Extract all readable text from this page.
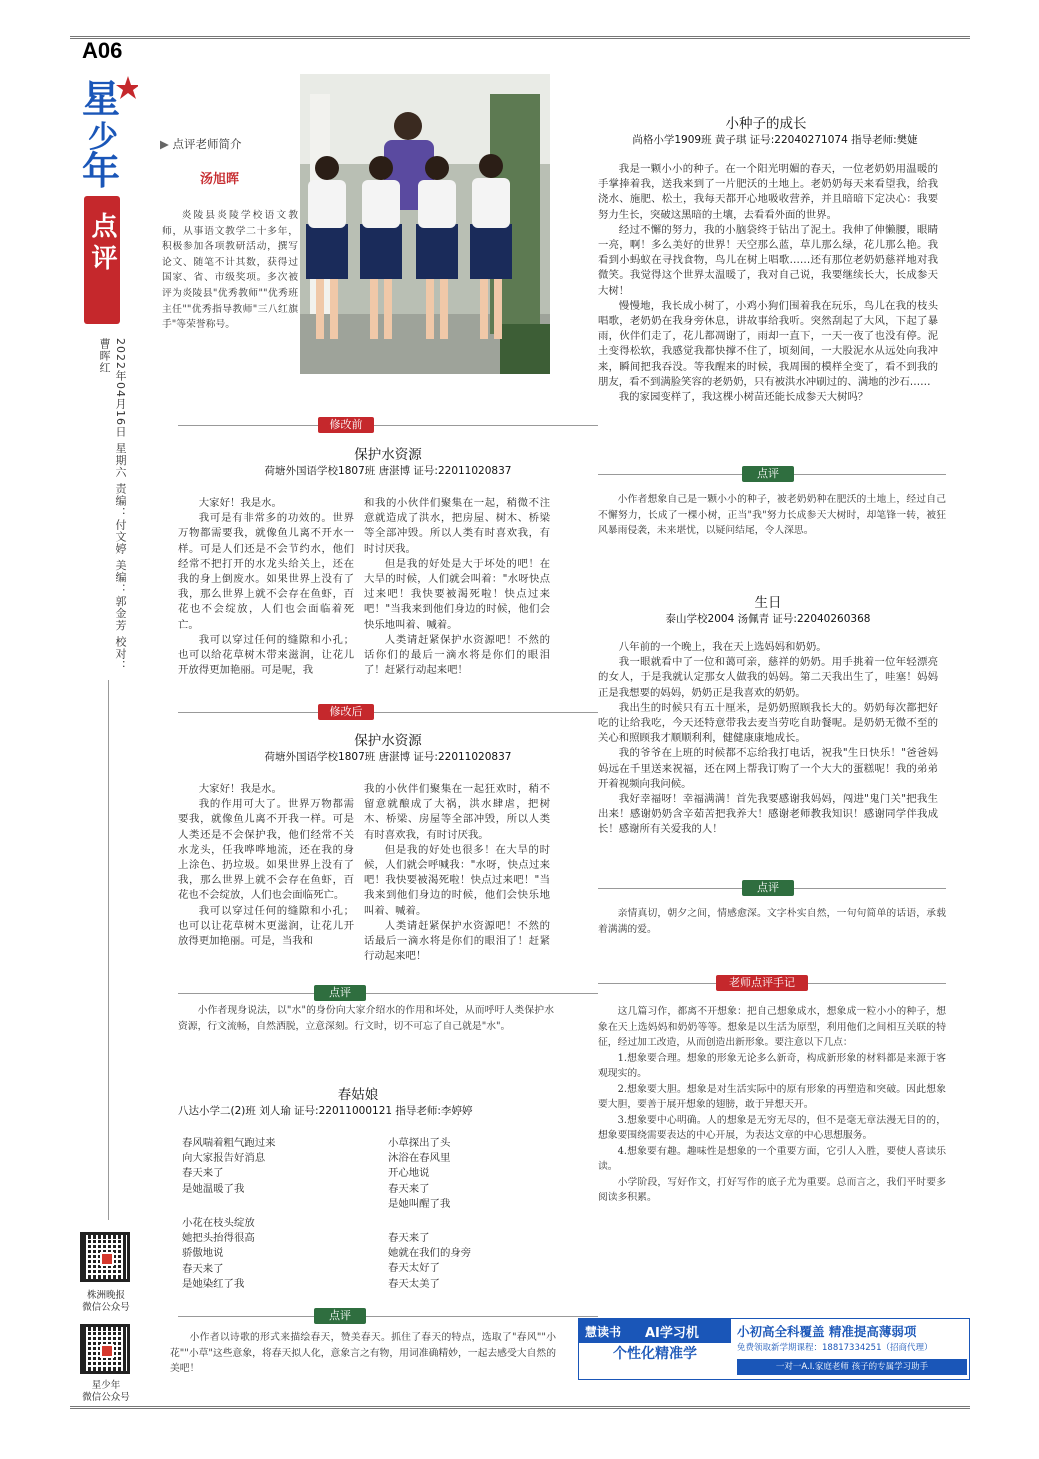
A06
星
少
年
点评
2022年04月16日 星期六 责编：付文婷 美编：郭金芳 校对：曹晖红
株洲晚报
微信公众号
星少年
微信公众号
▶ 点评老师简介
汤旭晖
炎陵县炎陵学校语文教师，从事语文教学二十多年，积极参加各项教研活动，撰写论文、随笔不计其数，获得过国家、省、市级奖项。多次被评为炎陵县"优秀教师""优秀班主任""优秀指导教师"三八红旗手"等荣誉称号。
修改前
保护水资源
荷塘外国语学校1807班 唐湛博 证号:22011020837

大家好！我是水。

我可是有非常多的功效的。世界万物都需要我，就像鱼儿离不开水一样。可是人们还是不会节约水，他们经常不把打开的水龙头给关上，还在我的身上倒废水。如果世界上没有了我，那么世界上就不会存在鱼虾，百花也不会绽放，人们也会面临着死亡。

我可以穿过任何的缝隙和小孔；也可以给花草树木带来滋润，让花儿开放得更加艳丽。可是呢，我

和我的小伙伴们聚集在一起，稍微不注意就造成了洪水，把房屋、树木、桥梁等全部冲毁。所以人类有时喜欢我，有时讨厌我。

但是我的好处是大于坏处的吧！在大旱的时候，人们就会叫着："水呀快点过来吧！我快要被渴死啦！快点过来吧！"当我来到他们身边的时候，他们会快乐地叫着、喊着。

人类请赶紧保护水资源吧！不然的话你们的最后一滴水将是你们的眼泪了！赶紧行动起来吧！

修改后
保护水资源
荷塘外国语学校1807班 唐湛博 证号:22011020837

大家好！我是水。

我的作用可大了。世界万物都需要我，就像鱼儿离不开我一样。可是人类还是不会保护我，他们经常不关水龙头，任我哗哗地流，还在我的身上涂色、扔垃圾。如果世界上没有了我，那么世界上就不会存在鱼虾，百花也不会绽放，人们也会面临死亡。

我可以穿过任何的缝隙和小孔；也可以让花草树木更滋润，让花儿开放得更加艳丽。可是，当我和

我的小伙伴们聚集在一起狂欢时，稍不留意就酿成了大祸，洪水肆虐，把树木、桥梁、房屋等全部冲毁，所以人类有时喜欢我，有时讨厌我。

但是我的好处也很多！在大旱的时候，人们就会呼喊我："水呀，快点过来吧！我快要被渴死啦！快点过来吧！"当我来到他们身边的时候，他们会快乐地叫着、喊着。

人类请赶紧保护水资源吧！不然的话最后一滴水将是你们的眼泪了！赶紧行动起来吧！

点评
小作者现身说法，以"水"的身份向大家介绍水的作用和坏处，从而呼吁人类保护水资源，行文流畅，自然洒脱，立意深刻。行文时，切不可忘了自己就是"水"。
春姑娘
八达小学二(2)班 刘人瑜 证号:22011000121 指导老师:李婷婷
春风喘着粗气跑过来
向大家报告好消息
春天来了
是她温暖了我
小草探出了头
沐浴在春风里
开心地说
春天来了
是她叫醒了我
小花在枝头绽放
她把头抬得很高
骄傲地说
春天来了
是她染红了我
春天来了
她就在我们的身旁
春天太好了
春天太美了
点评
小作者以诗歌的形式来描绘春天，赞美春天。抓住了春天的特点，选取了"春风""小花""小草"这些意象，将春天拟人化，意象言之有物，用词准确精妙，一起去感受大自然的美吧！
小种子的成长
尚格小学1909班 黄子琪 证号:22040271074 指导老师:樊婕

我是一颗小小的种子。在一个阳光明媚的春天，一位老奶奶用温暖的手掌捧着我，送我来到了一片肥沃的土地上。老奶奶每天来看望我，给我浇水、施肥、松土，我每天都开心地吸收营养，并且暗暗下定决心：我要努力生长，突破这黑暗的土壤，去看看外面的世界。

经过不懈的努力，我的小脑袋终于钻出了泥土。我伸了伸懒腰，眼睛一亮，啊！多么美好的世界！天空那么蓝，草儿那么绿，花儿那么艳。我看到小蚂蚁在寻找食物，鸟儿在树上唱歌……还有那位老奶奶慈祥地对我微笑。我觉得这个世界太温暖了，我对自己说，我要继续长大，长成参天大树！

慢慢地，我长成小树了，小鸡小狗们围着我在玩乐，鸟儿在我的枝头唱歌，老奶奶在我身旁休息，讲故事给我听。突然刮起了大风，下起了暴雨，伙伴们走了，花儿都凋谢了，雨却一直下，一天一夜了也没有停。泥土变得松软，我感觉我都快撑不住了，顷刻间，一大股泥水从远处向我冲来，瞬间把我吞没。等我醒来的时候，我周围的模样全变了，看不到我的朋友，看不到满脸笑容的老奶奶，只有被洪水冲刷过的、满地的沙石……

我的家园变样了，我这棵小树苗还能长成参天大树吗？

点评
小作者想象自己是一颗小小的种子，被老奶奶种在肥沃的土地上，经过自己不懈努力，长成了一棵小树，正当"我"努力长成参天大树时，却笔锋一转，被狂风暴雨侵袭，未来堪忧，以疑问结尾，令人深思。
生日
泰山学校2004 汤佩青 证号:22040260368

八年前的一个晚上，我在天上选妈妈和奶奶。

我一眼就看中了一位和蔼可亲，慈祥的奶奶。用手挑着一位年轻漂亮的女人，于是我就认定那女人做我的妈妈。第二天我出生了，哇塞！妈妈正是我想要的妈妈，奶奶正是我喜欢的奶奶。

我出生的时候只有五十厘米，是奶奶照顾我长大的。奶奶每次都把好吃的让给我吃，今天还特意带我去麦当劳吃自助餐呢。是奶奶无微不至的关心和照顾我才顺顺利利，健健康康地成长。

我的爷爷在上班的时候都不忘给我打电话，祝我"生日快乐！"爸爸妈妈远在千里送来祝福，还在网上帮我订购了一个大大的蛋糕呢！我的弟弟开着视频向我问候。

我好幸福呀！幸福满满！首先我要感谢我妈妈，闯进"鬼门关"把我生出来！感谢奶奶含辛茹苦把我养大！感谢老师教我知识！感谢同学伴我成长！感谢所有关爱我的人！

点评
亲情真切，朝夕之间，情感愈深。文字朴实自然，一句句简单的话语，承载着满满的爱。
老师点评手记

这几篇习作，都离不开想象：把自己想象成水，想象成一粒小小的种子，想象在天上选妈妈和奶奶等等。想象是以生活为原型，利用他们之间相互关联的特征，经过加工改造，从而创造出新形象。要注意以下几点：

1.想象要合理。想象的形象无论多么新奇，构成新形象的材料都是来源于客观现实的。

2.想象要大胆。想象是对生活实际中的原有形象的再塑造和突破。因此想象要大胆，要善于展开想象的翅膀，敢于异想天开。

3.想象要中心明确。人的想象是无穷无尽的，但不是毫无章法漫无目的的，想象要围绕需要表达的中心开展，为表达文章的中心思想服务。

4.想象要有趣。趣味性是想象的一个重要方面，它引人入胜，要使人喜读乐读。

小学阶段，写好作文，打好写作的底子尤为重要。总而言之，我们平时要多阅读多积累。

慧读书 AI学习机
个性化精准学
小初高全科覆盖 精准提高薄弱项
免费领取新学期课程：18817334251（招商代理）
一对一A.I.家庭老师 孩子的专属学习助手
